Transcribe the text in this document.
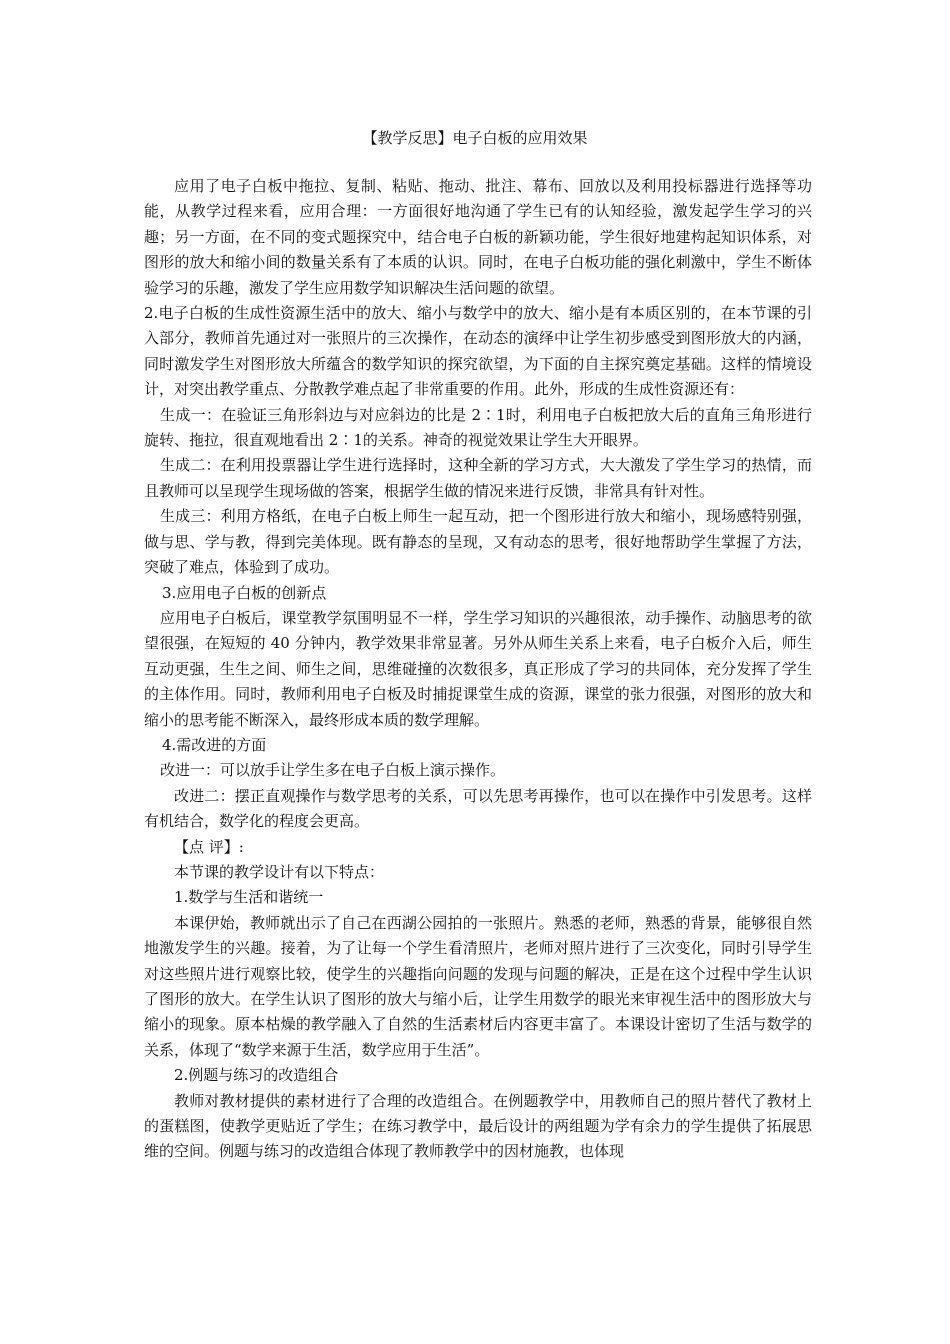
【教学反思】电子白板的应用效果

应用了电子白板中拖拉、复制、粘贴、拖动、批注、幕布、回放以及利用投标器进行选择等功能，从教学过程来看，应用合理：一方面很好地沟通了学生已有的认知经验，激发起学生学习的兴趣；另一方面，在不同的变式题探究中，结合电子白板的新颖功能，学生很好地建构起知识体系，对图形的放大和缩小间的数量关系有了本质的认识。同时，在电子白板功能的强化刺激中，学生不断体验学习的乐趣，激发了学生应用数学知识解决生活问题的欲望。

2.电子白板的生成性资源生活中的放大、缩小与数学中的放大、缩小是有本质区别的，在本节课的引入部分，教师首先通过对一张照片的三次操作，在动态的演绎中让学生初步感受到图形放大的内涵，同时激发学生对图形放大所蕴含的数学知识的探究欲望，为下面的自主探究奠定基础。这样的情境设计，对突出教学重点、分散教学难点起了非常重要的作用。此外，形成的生成性资源还有：

生成一：在验证三角形斜边与对应斜边的比是 2∶1时，利用电子白板把放大后的直角三角形进行旋转、拖拉，很直观地看出 2∶1的关系。神奇的视觉效果让学生大开眼界。

生成二：在利用投票器让学生进行选择时，这种全新的学习方式，大大激发了学生学习的热情，而且教师可以呈现学生现场做的答案，根据学生做的情况来进行反馈，非常具有针对性。

生成三：利用方格纸，在电子白板上师生一起互动，把一个图形进行放大和缩小，现场感特别强，做与思、学与教，得到完美体现。既有静态的呈现，又有动态的思考，很好地帮助学生掌握了方法，突破了难点，体验到了成功。

3.应用电子白板的创新点

应用电子白板后，课堂教学氛围明显不一样，学生学习知识的兴趣很浓，动手操作、动脑思考的欲望很强，在短短的 40 分钟内，教学效果非常显著。另外从师生关系上来看，电子白板介入后，师生互动更强，生生之间、师生之间，思维碰撞的次数很多，真正形成了学习的共同体，充分发挥了学生的主体作用。同时，教师利用电子白板及时捕捉课堂生成的资源，课堂的张力很强，对图形的放大和缩小的思考能不断深入，最终形成本质的数学理解。

4.需改进的方面

改进一：可以放手让学生多在电子白板上演示操作。

改进二：摆正直观操作与数学思考的关系，可以先思考再操作，也可以在操作中引发思考。这样有机结合，数学化的程度会更高。

【点 评】:

本节课的教学设计有以下特点：

1.数学与生活和谐统一

本课伊始，教师就出示了自己在西湖公园拍的一张照片。熟悉的老师，熟悉的背景，能够很自然地激发学生的兴趣。接着，为了让每一个学生看清照片，老师对照片进行了三次变化，同时引导学生对这些照片进行观察比较，使学生的兴趣指向问题的发现与问题的解决，正是在这个过程中学生认识了图形的放大。在学生认识了图形的放大与缩小后，让学生用数学的眼光来审视生活中的图形放大与缩小的现象。原本枯燥的教学融入了自然的生活素材后内容更丰富了。本课设计密切了生活与数学的关系，体现了“数学来源于生活，数学应用于生活”。

2.例题与练习的改造组合

教师对教材提供的素材进行了合理的改造组合。在例题教学中，用教师自己的照片替代了教材上的蛋糕图，使教学更贴近了学生；在练习教学中，最后设计的两组题为学有余力的学生提供了拓展思维的空间。例题与练习的改造组合体现了教师教学中的因材施教，也体现
